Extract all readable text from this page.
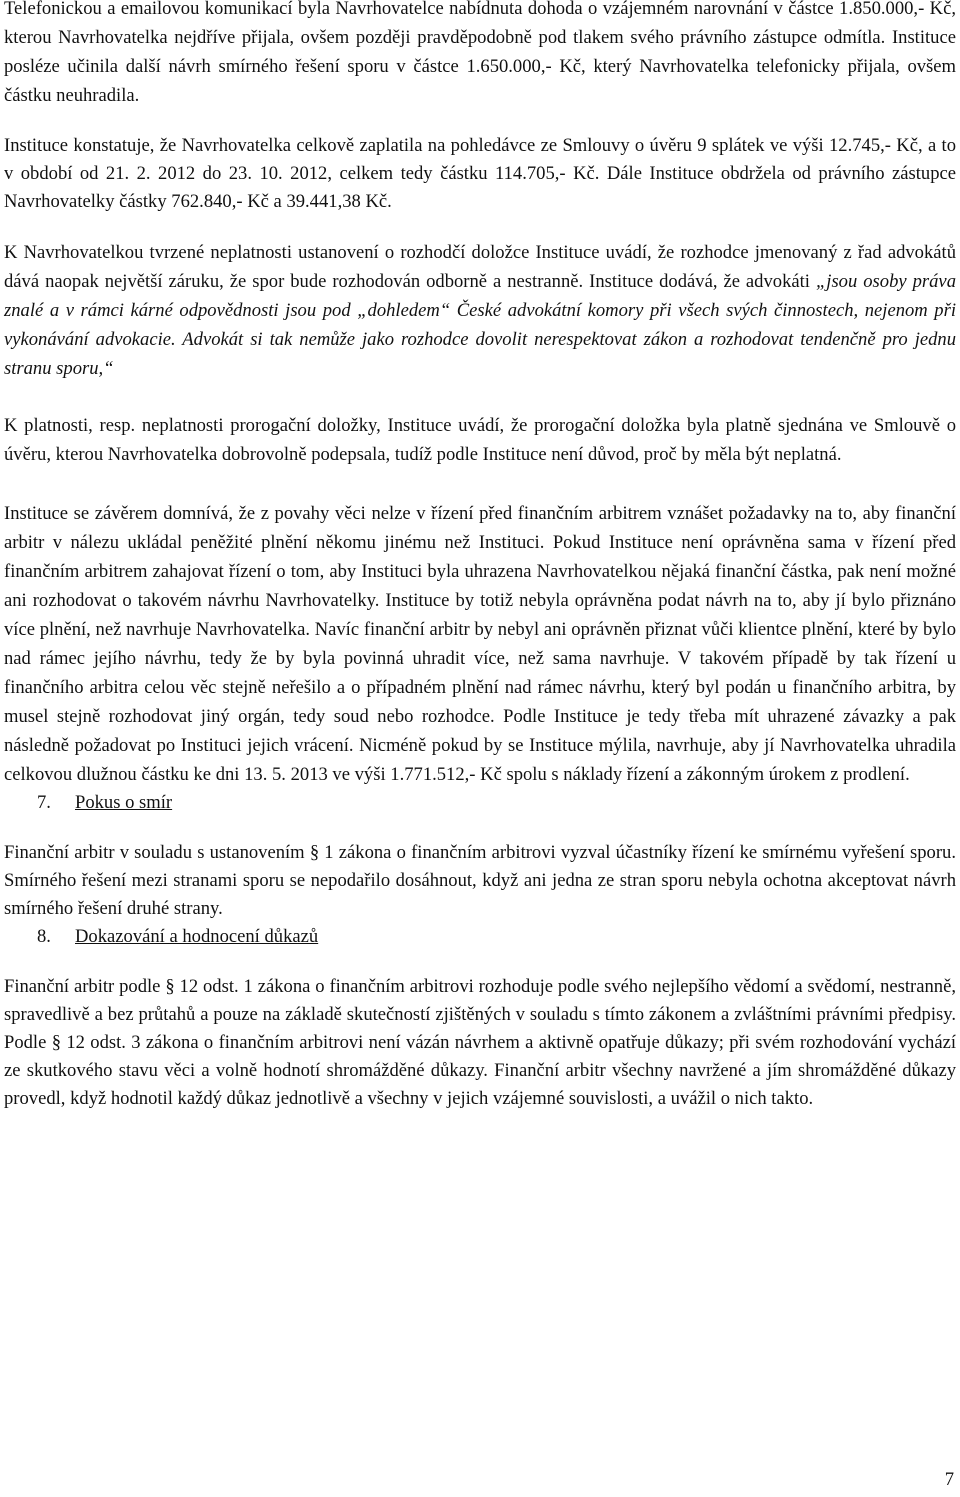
Telefonickou a emailovou komunikací byla Navrhovatelce nabídnuta dohoda o vzájemném narovnání v částce 1.850.000,- Kč, kterou Navrhovatelka nejdříve přijala, ovšem později pravděpodobně pod tlakem svého právního zástupce odmítla. Instituce posléze učinila další návrh smírného řešení sporu v částce 1.650.000,- Kč, který Navrhovatelka telefonicky přijala, ovšem částku neuhradila.

Instituce konstatuje, že Navrhovatelka celkově zaplatila na pohledávce ze Smlouvy o úvěru 9 splátek ve výši 12.745,- Kč, a to v období od 21. 2. 2012 do 23. 10. 2012, celkem tedy částku 114.705,- Kč. Dále Instituce obdržela od právního zástupce Navrhovatelky částky 762.840,- Kč a 39.441,38 Kč.

K Navrhovatelkou tvrzené neplatnosti ustanovení o rozhodčí doložce Instituce uvádí, že rozhodce jmenovaný z řad advokátů dává naopak největší záruku, že spor bude rozhodován odborně a nestranně. Instituce dodává, že advokáti „jsou osoby práva znalé a v rámci kárné odpovědnosti jsou pod „dohledem“ České advokátní komory při všech svých činnostech, nejenom při vykonávání advokacie. Advokát si tak nemůže jako rozhodce dovolit nerespektovat zákon a rozhodovat tendenčně pro jednu stranu sporu,“

K platnosti, resp. neplatnosti prorogační doložky, Instituce uvádí, že prorogační doložka byla platně sjednána ve Smlouvě o úvěru, kterou Navrhovatelka dobrovolně podepsala, tudíž podle Instituce není důvod, proč by měla být neplatná.

Instituce se závěrem domnívá, že z povahy věci nelze v řízení před finančním arbitrem vznášet požadavky na to, aby finanční arbitr v nálezu ukládal peněžité plnění někomu jinému než Instituci. Pokud Instituce není oprávněna sama v řízení před finančním arbitrem zahajovat řízení o tom, aby Instituci byla uhrazena Navrhovatelkou nějaká finanční částka, pak není možné ani rozhodovat o takovém návrhu Navrhovatelky. Instituce by totiž nebyla oprávněna podat návrh na to, aby jí bylo přiznáno více plnění, než navrhuje Navrhovatelka. Navíc finanční arbitr by nebyl ani oprávněn přiznat vůči klientce plnění, které by bylo nad rámec jejího návrhu, tedy že by byla povinná uhradit více, než sama navrhuje. V takovém případě by tak řízení u finančního arbitra celou věc stejně neřešilo a o případném plnění nad rámec návrhu, který byl podán u finančního arbitra, by musel stejně rozhodovat jiný orgán, tedy soud nebo rozhodce. Podle Instituce je tedy třeba mít uhrazené závazky a pak následně požadovat po Instituci jejich vrácení. Nicméně pokud by se Instituce mýlila, navrhuje, aby jí Navrhovatelka uhradila celkovou dlužnou částku ke dni 13. 5. 2013 ve výši 1.771.512,- Kč spolu s náklady řízení a zákonným úrokem z prodlení.

7.	Pokus o smír

Finanční arbitr v souladu s ustanovením § 1 zákona o finančním arbitrovi vyzval účastníky řízení ke smírnému vyřešení sporu. Smírného řešení mezi stranami sporu se nepodařilo dosáhnout, když ani jedna ze stran sporu nebyla ochotna akceptovat návrh smírného řešení druhé strany.

8.	Dokazování a hodnocení důkazů

Finanční arbitr podle § 12 odst. 1 zákona o finančním arbitrovi rozhoduje podle svého nejlepšího vědomí a svědomí, nestranně, spravedlivě a bez průtahů a pouze na základě skutečností zjištěných v souladu s tímto zákonem a zvláštními právními předpisy. Podle § 12 odst. 3 zákona o finančním arbitrovi není vázán návrhem a aktivně opatřuje důkazy; při svém rozhodování vychází ze skutkového stavu věci a volně hodnotí shromážděné důkazy. Finanční arbitr všechny navržené a jím shromážděné důkazy provedl, když hodnotil každý důkaz jednotlivě a všechny v jejich vzájemné souvislosti, a uvážil o nich takto.

7
